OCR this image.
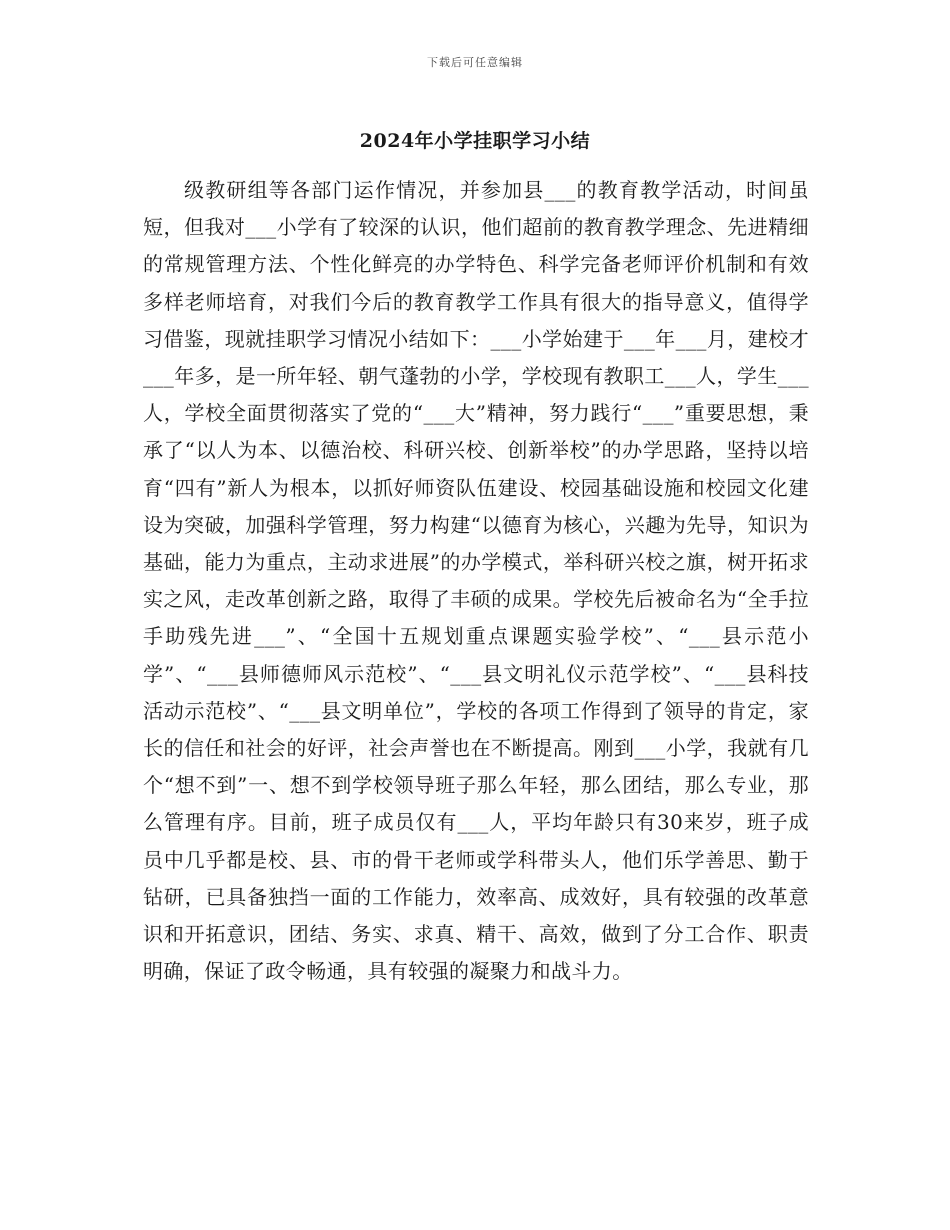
下载后可任意编辑
2024年小学挂职学习小结

级教研组等各部门运作情况，并参加县___的教育教学活动，时间虽短，但我对___小学有了较深的认识，他们超前的教育教学理念、先进精细的常规管理方法、个性化鲜亮的办学特色、科学完备老师评价机制和有效多样老师培育，对我们今后的教育教学工作具有很大的指导意义，值得学习借鉴，现就挂职学习情况小结如下：___小学始建于___年___月，建校才___年多，是一所年轻、朝气蓬勃的小学，学校现有教职工___人，学生___人，学校全面贯彻落实了党的“___大”精神，努力践行“___”重要思想，秉承了“以人为本、以德治校、科研兴校、创新举校”的办学思路，坚持以培育“四有”新人为根本，以抓好师资队伍建设、校园基础设施和校园文化建设为突破，加强科学管理，努力构建“以德育为核心，兴趣为先导，知识为基础，能力为重点，主动求进展”的办学模式，举科研兴校之旗，树开拓求实之风，走改革创新之路，取得了丰硕的成果。学校先后被命名为“全手拉手助残先进___”、“全国十五规划重点课题实验学校”、“___县示范小学”、“___县师德师风示范校”、“___县文明礼仪示范学校”、“___县科技活动示范校”、“___县文明单位”，学校的各项工作得到了领导的肯定，家长的信任和社会的好评，社会声誉也在不断提高。刚到___小学，我就有几个“想不到”一、想不到学校领导班子那么年轻，那么团结，那么专业，那么管理有序。目前，班子成员仅有___人，平均年龄只有30来岁，班子成员中几乎都是校、县、市的骨干老师或学科带头人，他们乐学善思、勤于钻研，已具备独挡一面的工作能力，效率高、成效好，具有较强的改革意识和开拓意识，团结、务实、求真、精干、高效，做到了分工合作、职责明确，保证了政令畅通，具有较强的凝聚力和战斗力。
